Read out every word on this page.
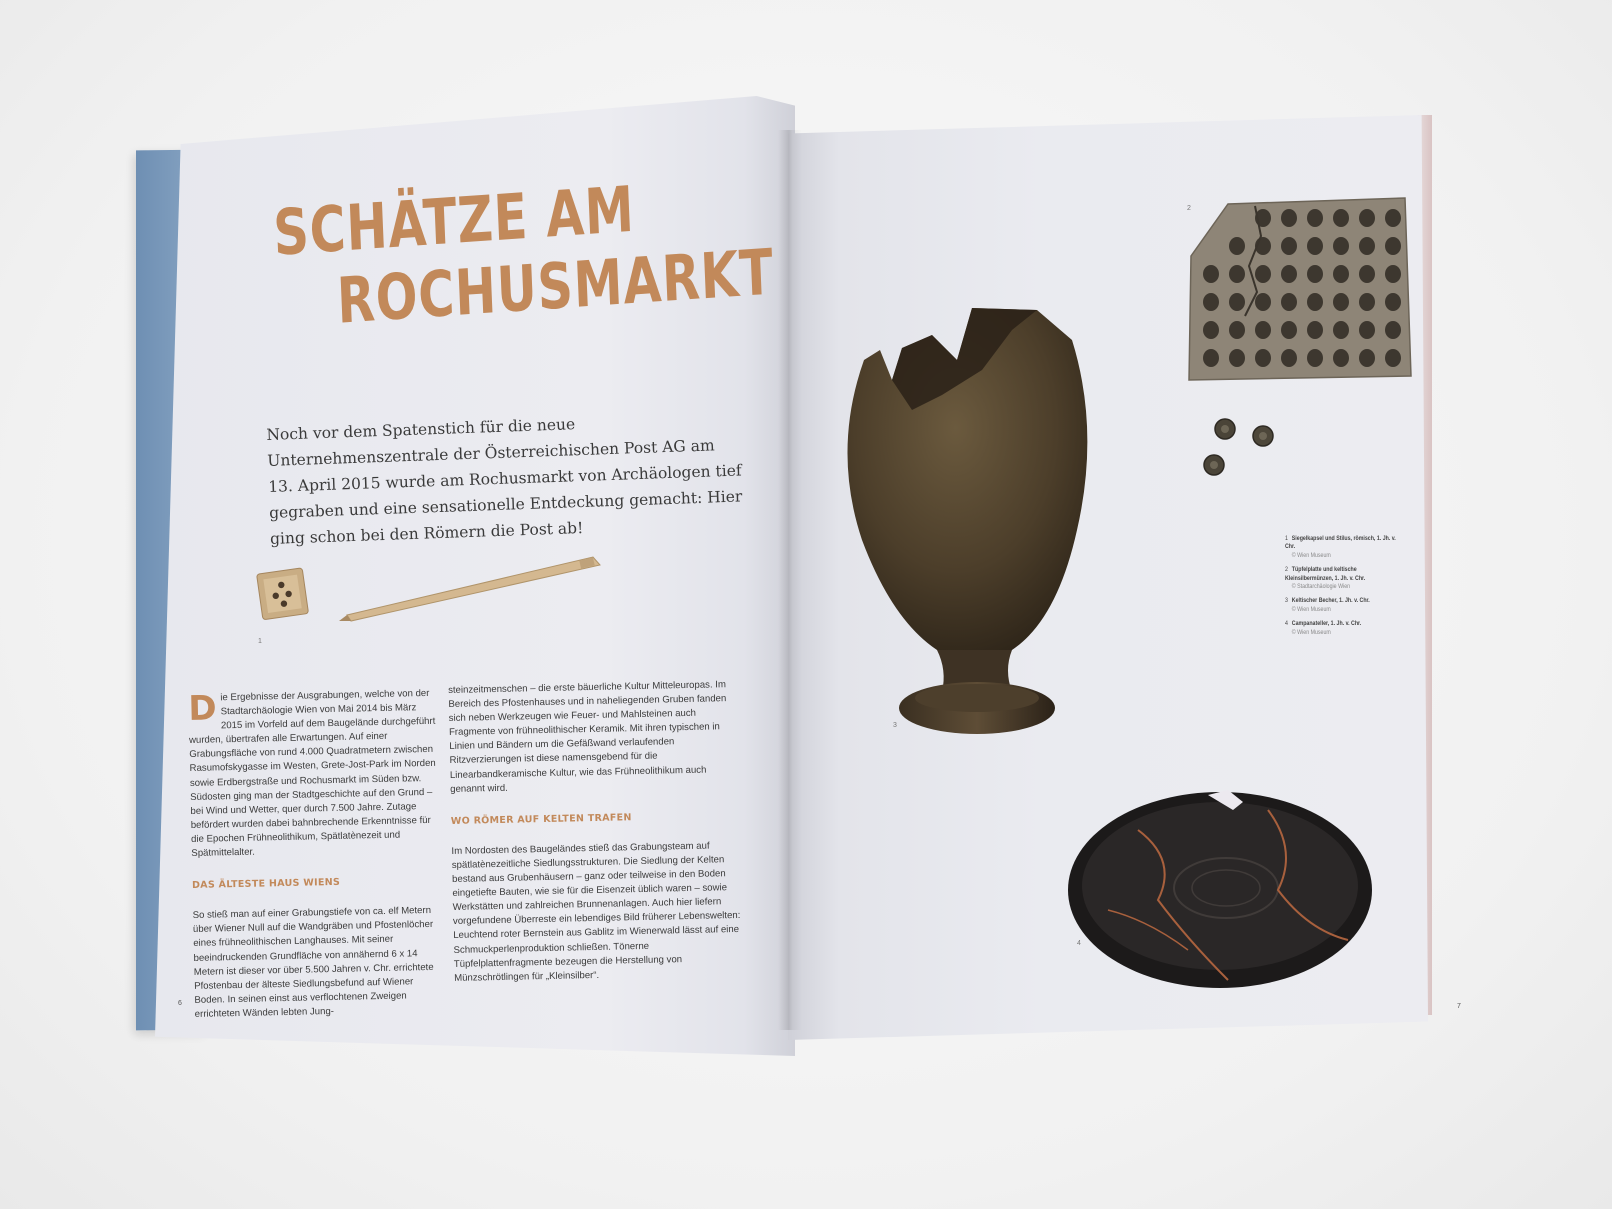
SCHÄTZE AM
ROCHUSMARKT
Noch vor dem Spatenstich für die neue Unternehmenszentrale der Österreichischen Post AG am 13. April 2015 wurde am Rochusmarkt von Archäologen tief gegraben und eine sensationelle Entdeckung gemacht: Hier ging schon bei den Römern die Post ab!
1
D ie Ergebnisse der Ausgrabungen, welche von der Stadtarchäologie Wien von Mai 2014 bis März 2015 im Vorfeld auf dem Baugelände durchgeführt wurden, übertrafen alle Erwartungen. Auf einer Grabungsfläche von rund 4.000 Quadratmetern zwischen Rasumofskygasse im Westen, Grete-Jost-Park im Norden sowie Erdbergstraße und Rochusmarkt im Süden bzw. Südosten ging man der Stadtgeschichte auf den Grund – bei Wind und Wetter, quer durch 7.500 Jahre. Zutage befördert wurden dabei bahnbrechende Erkenntnisse für die Epochen Frühneolithikum, Spätlatènezeit und Spätmittelalter.
DAS ÄLTESTE HAUS WIENS
So stieß man auf einer Grabungstiefe von ca. elf Metern über Wiener Null auf die Wandgräben und Pfostenlöcher eines frühneolithischen Langhauses. Mit seiner beeindruckenden Grundfläche von annähernd 6 x 14 Metern ist dieser vor über 5.500 Jahren v. Chr. errichtete Pfostenbau der älteste Siedlungsbefund auf Wiener Boden. In seinen einst aus verflochtenen Zweigen errichteten Wänden lebten Jung-
steinzeitmenschen – die erste bäuerliche Kultur Mitteleuropas. Im Bereich des Pfostenhauses und in naheliegenden Gruben fanden sich neben Werkzeugen wie Feuer- und Mahlsteinen auch Fragmente von frühneolithischer Keramik. Mit ihren typischen in Linien und Bändern um die Gefäßwand verlaufenden Ritzverzierungen ist diese namensgebend für die Linearbandkeramische Kultur, wie das Frühneolithikum auch genannt wird.
WO RÖMER AUF KELTEN TRAFEN
Im Nordosten des Baugeländes stieß das Grabungsteam auf spätlatènezeitliche Siedlungsstrukturen. Die Siedlung der Kelten bestand aus Grubenhäusern – ganz oder teilweise in den Boden eingetiefte Bauten, wie sie für die Eisenzeit üblich waren – sowie Werkstätten und zahlreichen Brunnenanlagen. Auch hier liefern vorgefundene Überreste ein lebendiges Bild früherer Lebenswelten: Leuchtend roter Bernstein aus Gablitz im Wienerwald lässt auf eine Schmuckperlenproduktion schließen. Tönerne Tüpfelplattenfragmente bezeugen die Herstellung von Münzschrötlingen für „Kleinsilber“.
6	7
3
2
1 Siegelkapsel und Stilus, römisch, 1. Jh. v. Chr.
© Wien Museum
2 Tüpfelplatte und keltische Kleinsilbermünzen, 1. Jh. v. Chr.
© Stadtarchäologie Wien
3 Keltischer Becher, 1. Jh. v. Chr.
© Wien Museum
4 Campanateller, 1. Jh. v. Chr.
© Wien Museum
4
